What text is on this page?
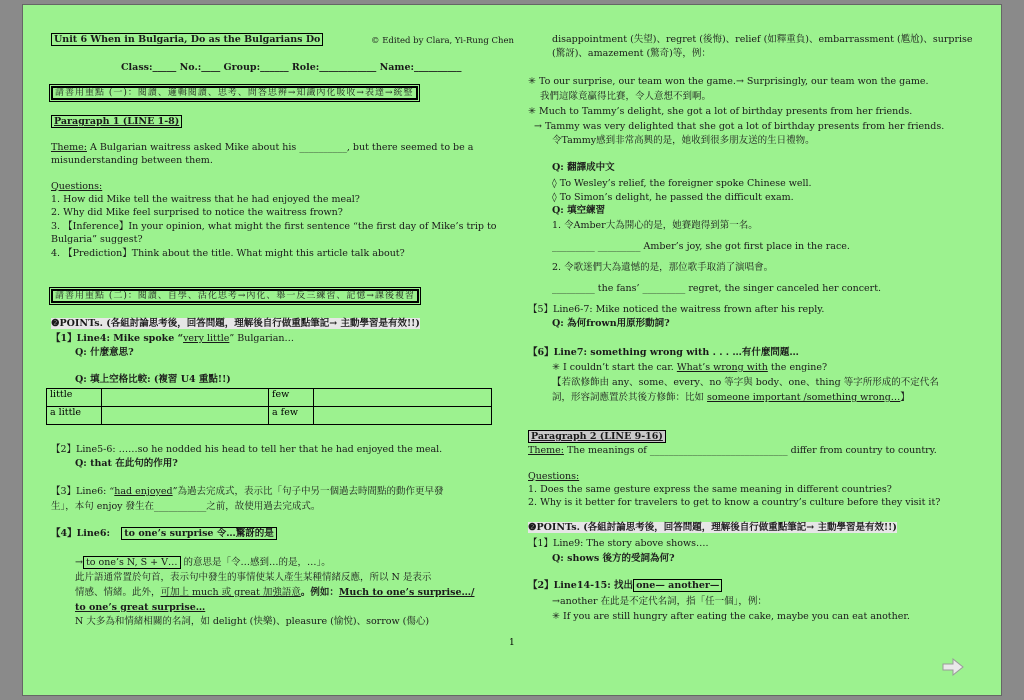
Unit 6 When in Bulgaria, Do as the Bulgarians Do	© Edited by Clara, Yi-Rung Chen
Class:_____ No.:____ Group:______ Role:____________ Name:__________
請善用重點 (一)：閱讀、邏輯閱讀、思考、問答思辨→知識內化吸收→表達→統整
Paragraph 1 (LINE 1-8)
Theme: A Bulgarian waitress asked Mike about his __________, but there seemed to be a
misunderstanding between them.
Questions:
1. How did Mike tell the waitress that he had enjoyed the meal?
2. Why did Mike feel surprised to notice the waitress frown?
3. 【Inference】In your opinion, what might the first sentence “the first day of Mike’s trip to
Bulgaria” suggest?
4. 【Prediction】Think about the title. What might this article talk about?
請善用重點 (二)：閱讀、自學、活化思考→內化、舉一反三練習、記憶→課後複習
❷POINTs. (各組討論思考後，回答問題，理解後自行做重點筆記→ 主動學習是有效!!)
【1】Line4: Mike spoke “very little” Bulgarian…
Q: 什麼意思?
Q: 填上空格比較: (複習 U4 重點!!)
little		few	
a little		a few	
【2】Line5-6: ……so he nodded his head to tell her that he had enjoyed the meal.
Q: that 在此句的作用?
【3】Line6: “had enjoyed”為過去完成式，表示比「句子中另一個過去時間點的動作更早發
生」，本句 enjoy 發生在___________之前，故使用過去完成式。
【4】Line6: to one’s surprise 令…驚訝的是
→ to one’s N, S + V… 的意思是「令…感到…的是，…」。
此片語通常置於句首，表示句中發生的事情使某人產生某種情緒反應，所以 N 是表示
情感、情緒。此外，可加上 much 或 great 加強語意。例如：Much to one’s surprise…/
to one’s great surprise…
N 大多為和情緒相關的名詞，如 delight (快樂)、pleasure (愉悅)、sorrow (傷心)
disappointment (失望)、regret (後悔)、relief (如釋重負)、embarrassment (尷尬)、surprise
(驚訝)、amazement (驚奇)等，例：
✳ To our surprise, our team won the game.→ Surprisingly, our team won the game.
我們這隊竟贏得比賽，令人意想不到啊。
✳ Much to Tammy’s delight, she got a lot of birthday presents from her friends.
→ Tammy was very delighted that she got a lot of birthday presents from her friends.
令Tammy感到非常高興的是，她收到很多朋友送的生日禮物。
Q: 翻譯成中文
◊ To Wesley’s relief, the foreigner spoke Chinese well.
◊ To Simon’s delight, he passed the difficult exam.
Q: 填空練習
1. 令Amber大為開心的是，她賽跑得到第一名。
_________ _________ Amber’s joy, she got first place in the race.
2. 令歌迷們大為遺憾的是，那位歌手取消了演唱會。
_________ the fans’ _________ regret, the singer canceled her concert.
【5】Line6-7: Mike noticed the waitress frown after his reply.
Q: 為何frown用原形動詞?
【6】Line7: something wrong with . . . …有什麼問題…
✳ I couldn’t start the car. What’s wrong with the engine?
【若欲修飾由 any、some、every、no 等字與 body、one、thing 等字所形成的不定代名
詞，形容詞應置於其後方修飾：比如 someone important /something wrong…】
Paragraph 2 (LINE 9-16)
Theme: The meanings of _____________________________ differ from country to country.
Questions:
1. Does the same gesture express the same meaning in different countries?
2. Why is it better for travelers to get to know a country’s culture before they visit it?
❷POINTs. (各組討論思考後，回答問題，理解後自行做重點筆記→ 主動學習是有效!!)
【1】Line9: The story above shows….
Q: shows 後方的受詞為何?
【2】Line14-15: 找出 one— another—
→another 在此是不定代名詞，指「任一個」，例：
✳ If you are still hungry after eating the cake, maybe you can eat another.
1
